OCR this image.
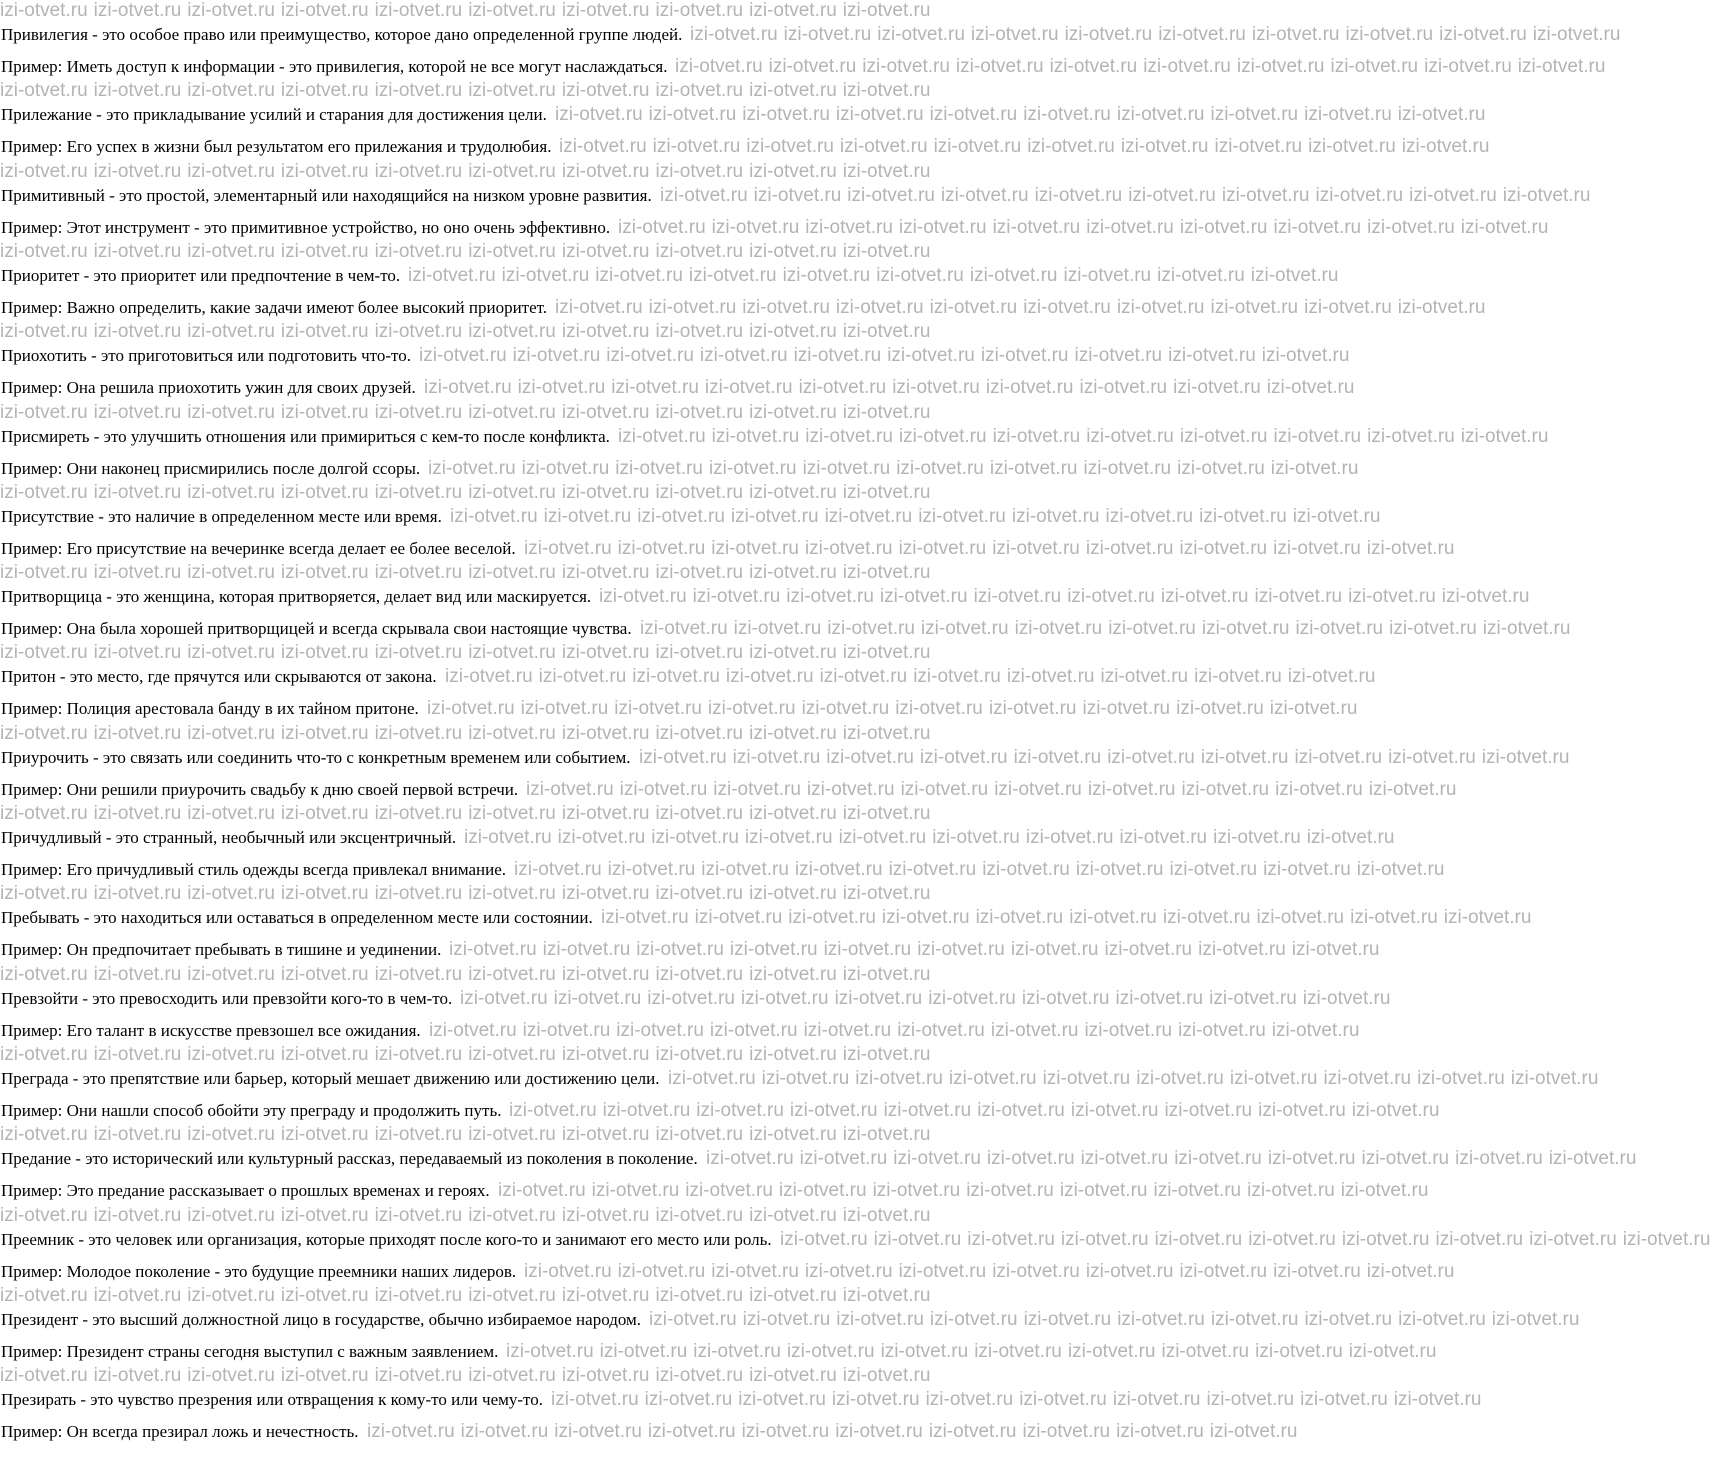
Привилегия - это особое право или преимущество, которое дано определенной группе людей.
Пример: Иметь доступ к информации - это привилегия, которой не все могут наслаждаться.
Прилежание - это прикладывание усилий и старания для достижения цели.
Пример: Его успех в жизни был результатом его прилежания и трудолюбия.
Примитивный - это простой, элементарный или находящийся на низком уровне развития.
Пример: Этот инструмент - это примитивное устройство, но оно очень эффективно.
Приоритет - это приоритет или предпочтение в чем-то.
Пример: Важно определить, какие задачи имеют более высокий приоритет.
Приохотить - это приготовиться или подготовить что-то.
Пример: Она решила приохотить ужин для своих друзей.
Присмиреть - это улучшить отношения или примириться с кем-то после конфликта.
Пример: Они наконец присмирились после долгой ссоры.
Присутствие - это наличие в определенном месте или время.
Пример: Его присутствие на вечеринке всегда делает ее более веселой.
Притворщица - это женщина, которая притворяется, делает вид или маскируется.
Пример: Она была хорошей притворщицей и всегда скрывала свои настоящие чувства.
Притон - это место, где прячутся или скрываются от закона.
Пример: Полиция арестовала банду в их тайном притоне.
Приурочить - это связать или соединить что-то с конкретным временем или событием.
Пример: Они решили приурочить свадьбу к дню своей первой встречи.
Причудливый - это странный, необычный или эксцентричный.
Пример: Его причудливый стиль одежды всегда привлекал внимание.
Пребывать - это находиться или оставаться в определенном месте или состоянии.
Пример: Он предпочитает пребывать в тишине и уединении.
Превзойти - это превосходить или превзойти кого-то в чем-то.
Пример: Его талант в искусстве превзошел все ожидания.
Преграда - это препятствие или барьер, который мешает движению или достижению цели.
Пример: Они нашли способ обойти эту преграду и продолжить путь.
Предание - это исторический или культурный рассказ, передаваемый из поколения в поколение.
Пример: Это предание рассказывает о прошлых временах и героях.
Преемник - это человек или организация, которые приходят после кого-то и занимают его место или роль.
Пример: Молодое поколение - это будущие преемники наших лидеров.
Президент - это высший должностной лицо в государстве, обычно избираемое народом.
Пример: Президент страны сегодня выступил с важным заявлением.
Презирать - это чувство презрения или отвращения к кому-то или чему-то.
Пример: Он всегда презирал ложь и нечестность.
izi-otvet.ru izi-otvet.ru izi-otvet.ru izi-otvet.ru izi-otvet.ru izi-otvet.ru izi-otvet.ru izi-otvet.ru izi-otvet.ru izi-otvet.ru
izi-otvet.ru izi-otvet.ru izi-otvet.ru izi-otvet.ru izi-otvet.ru izi-otvet.ru izi-otvet.ru izi-otvet.ru izi-otvet.ru izi-otvet.ru
izi-otvet.ru izi-otvet.ru izi-otvet.ru izi-otvet.ru izi-otvet.ru izi-otvet.ru izi-otvet.ru izi-otvet.ru izi-otvet.ru izi-otvet.ru
izi-otvet.ru izi-otvet.ru izi-otvet.ru izi-otvet.ru izi-otvet.ru izi-otvet.ru izi-otvet.ru izi-otvet.ru izi-otvet.ru izi-otvet.ru
izi-otvet.ru izi-otvet.ru izi-otvet.ru izi-otvet.ru izi-otvet.ru izi-otvet.ru izi-otvet.ru izi-otvet.ru izi-otvet.ru izi-otvet.ru
izi-otvet.ru izi-otvet.ru izi-otvet.ru izi-otvet.ru izi-otvet.ru izi-otvet.ru izi-otvet.ru izi-otvet.ru izi-otvet.ru izi-otvet.ru
izi-otvet.ru izi-otvet.ru izi-otvet.ru izi-otvet.ru izi-otvet.ru izi-otvet.ru izi-otvet.ru izi-otvet.ru izi-otvet.ru izi-otvet.ru
izi-otvet.ru izi-otvet.ru izi-otvet.ru izi-otvet.ru izi-otvet.ru izi-otvet.ru izi-otvet.ru izi-otvet.ru izi-otvet.ru izi-otvet.ru
izi-otvet.ru izi-otvet.ru izi-otvet.ru izi-otvet.ru izi-otvet.ru izi-otvet.ru izi-otvet.ru izi-otvet.ru izi-otvet.ru izi-otvet.ru
izi-otvet.ru izi-otvet.ru izi-otvet.ru izi-otvet.ru izi-otvet.ru izi-otvet.ru izi-otvet.ru izi-otvet.ru izi-otvet.ru izi-otvet.ru
izi-otvet.ru izi-otvet.ru izi-otvet.ru izi-otvet.ru izi-otvet.ru izi-otvet.ru izi-otvet.ru izi-otvet.ru izi-otvet.ru izi-otvet.ru
izi-otvet.ru izi-otvet.ru izi-otvet.ru izi-otvet.ru izi-otvet.ru izi-otvet.ru izi-otvet.ru izi-otvet.ru izi-otvet.ru izi-otvet.ru
izi-otvet.ru izi-otvet.ru izi-otvet.ru izi-otvet.ru izi-otvet.ru izi-otvet.ru izi-otvet.ru izi-otvet.ru izi-otvet.ru izi-otvet.ru
izi-otvet.ru izi-otvet.ru izi-otvet.ru izi-otvet.ru izi-otvet.ru izi-otvet.ru izi-otvet.ru izi-otvet.ru izi-otvet.ru izi-otvet.ru
izi-otvet.ru izi-otvet.ru izi-otvet.ru izi-otvet.ru izi-otvet.ru izi-otvet.ru izi-otvet.ru izi-otvet.ru izi-otvet.ru izi-otvet.ru
izi-otvet.ru izi-otvet.ru izi-otvet.ru izi-otvet.ru izi-otvet.ru izi-otvet.ru izi-otvet.ru izi-otvet.ru izi-otvet.ru izi-otvet.ru
izi-otvet.ru izi-otvet.ru izi-otvet.ru izi-otvet.ru izi-otvet.ru izi-otvet.ru izi-otvet.ru izi-otvet.ru izi-otvet.ru izi-otvet.ru
izi-otvet.ru izi-otvet.ru izi-otvet.ru izi-otvet.ru izi-otvet.ru izi-otvet.ru izi-otvet.ru izi-otvet.ru izi-otvet.ru izi-otvet.ru
izi-otvet.ru izi-otvet.ru izi-otvet.ru izi-otvet.ru izi-otvet.ru izi-otvet.ru izi-otvet.ru izi-otvet.ru izi-otvet.ru izi-otvet.ru
izi-otvet.ru izi-otvet.ru izi-otvet.ru izi-otvet.ru izi-otvet.ru izi-otvet.ru izi-otvet.ru izi-otvet.ru izi-otvet.ru izi-otvet.ru
izi-otvet.ru izi-otvet.ru izi-otvet.ru izi-otvet.ru izi-otvet.ru izi-otvet.ru izi-otvet.ru izi-otvet.ru izi-otvet.ru izi-otvet.ru
izi-otvet.ru izi-otvet.ru izi-otvet.ru izi-otvet.ru izi-otvet.ru izi-otvet.ru izi-otvet.ru izi-otvet.ru izi-otvet.ru izi-otvet.ru
izi-otvet.ru izi-otvet.ru izi-otvet.ru izi-otvet.ru izi-otvet.ru izi-otvet.ru izi-otvet.ru izi-otvet.ru izi-otvet.ru izi-otvet.ru
izi-otvet.ru izi-otvet.ru izi-otvet.ru izi-otvet.ru izi-otvet.ru izi-otvet.ru izi-otvet.ru izi-otvet.ru izi-otvet.ru izi-otvet.ru
izi-otvet.ru izi-otvet.ru izi-otvet.ru izi-otvet.ru izi-otvet.ru izi-otvet.ru izi-otvet.ru izi-otvet.ru izi-otvet.ru izi-otvet.ru
izi-otvet.ru izi-otvet.ru izi-otvet.ru izi-otvet.ru izi-otvet.ru izi-otvet.ru izi-otvet.ru izi-otvet.ru izi-otvet.ru izi-otvet.ru
izi-otvet.ru izi-otvet.ru izi-otvet.ru izi-otvet.ru izi-otvet.ru izi-otvet.ru izi-otvet.ru izi-otvet.ru izi-otvet.ru izi-otvet.ru
izi-otvet.ru izi-otvet.ru izi-otvet.ru izi-otvet.ru izi-otvet.ru izi-otvet.ru izi-otvet.ru izi-otvet.ru izi-otvet.ru izi-otvet.ru
izi-otvet.ru izi-otvet.ru izi-otvet.ru izi-otvet.ru izi-otvet.ru izi-otvet.ru izi-otvet.ru izi-otvet.ru izi-otvet.ru izi-otvet.ru
izi-otvet.ru izi-otvet.ru izi-otvet.ru izi-otvet.ru izi-otvet.ru izi-otvet.ru izi-otvet.ru izi-otvet.ru izi-otvet.ru izi-otvet.ru
izi-otvet.ru izi-otvet.ru izi-otvet.ru izi-otvet.ru izi-otvet.ru izi-otvet.ru izi-otvet.ru izi-otvet.ru izi-otvet.ru izi-otvet.ru
izi-otvet.ru izi-otvet.ru izi-otvet.ru izi-otvet.ru izi-otvet.ru izi-otvet.ru izi-otvet.ru izi-otvet.ru izi-otvet.ru izi-otvet.ru
izi-otvet.ru izi-otvet.ru izi-otvet.ru izi-otvet.ru izi-otvet.ru izi-otvet.ru izi-otvet.ru izi-otvet.ru izi-otvet.ru izi-otvet.ru
izi-otvet.ru izi-otvet.ru izi-otvet.ru izi-otvet.ru izi-otvet.ru izi-otvet.ru izi-otvet.ru izi-otvet.ru izi-otvet.ru izi-otvet.ru
izi-otvet.ru izi-otvet.ru izi-otvet.ru izi-otvet.ru izi-otvet.ru izi-otvet.ru izi-otvet.ru izi-otvet.ru izi-otvet.ru izi-otvet.ru
izi-otvet.ru izi-otvet.ru izi-otvet.ru izi-otvet.ru izi-otvet.ru izi-otvet.ru izi-otvet.ru izi-otvet.ru izi-otvet.ru izi-otvet.ru
izi-otvet.ru izi-otvet.ru izi-otvet.ru izi-otvet.ru izi-otvet.ru izi-otvet.ru izi-otvet.ru izi-otvet.ru izi-otvet.ru izi-otvet.ru
izi-otvet.ru izi-otvet.ru izi-otvet.ru izi-otvet.ru izi-otvet.ru izi-otvet.ru izi-otvet.ru izi-otvet.ru izi-otvet.ru izi-otvet.ru
izi-otvet.ru izi-otvet.ru izi-otvet.ru izi-otvet.ru izi-otvet.ru izi-otvet.ru izi-otvet.ru izi-otvet.ru izi-otvet.ru izi-otvet.ru
izi-otvet.ru izi-otvet.ru izi-otvet.ru izi-otvet.ru izi-otvet.ru izi-otvet.ru izi-otvet.ru izi-otvet.ru izi-otvet.ru izi-otvet.ru
izi-otvet.ru izi-otvet.ru izi-otvet.ru izi-otvet.ru izi-otvet.ru izi-otvet.ru izi-otvet.ru izi-otvet.ru izi-otvet.ru izi-otvet.ru
izi-otvet.ru izi-otvet.ru izi-otvet.ru izi-otvet.ru izi-otvet.ru izi-otvet.ru izi-otvet.ru izi-otvet.ru izi-otvet.ru izi-otvet.ru
izi-otvet.ru izi-otvet.ru izi-otvet.ru izi-otvet.ru izi-otvet.ru izi-otvet.ru izi-otvet.ru izi-otvet.ru izi-otvet.ru izi-otvet.ru
izi-otvet.ru izi-otvet.ru izi-otvet.ru izi-otvet.ru izi-otvet.ru izi-otvet.ru izi-otvet.ru izi-otvet.ru izi-otvet.ru izi-otvet.ru
izi-otvet.ru izi-otvet.ru izi-otvet.ru izi-otvet.ru izi-otvet.ru izi-otvet.ru izi-otvet.ru izi-otvet.ru izi-otvet.ru izi-otvet.ru
izi-otvet.ru izi-otvet.ru izi-otvet.ru izi-otvet.ru izi-otvet.ru izi-otvet.ru izi-otvet.ru izi-otvet.ru izi-otvet.ru izi-otvet.ru
izi-otvet.ru izi-otvet.ru izi-otvet.ru izi-otvet.ru izi-otvet.ru izi-otvet.ru izi-otvet.ru izi-otvet.ru izi-otvet.ru izi-otvet.ru
izi-otvet.ru izi-otvet.ru izi-otvet.ru izi-otvet.ru izi-otvet.ru izi-otvet.ru izi-otvet.ru izi-otvet.ru izi-otvet.ru izi-otvet.ru
izi-otvet.ru izi-otvet.ru izi-otvet.ru izi-otvet.ru izi-otvet.ru izi-otvet.ru izi-otvet.ru izi-otvet.ru izi-otvet.ru izi-otvet.ru
izi-otvet.ru izi-otvet.ru izi-otvet.ru izi-otvet.ru izi-otvet.ru izi-otvet.ru izi-otvet.ru izi-otvet.ru izi-otvet.ru izi-otvet.ru
izi-otvet.ru izi-otvet.ru izi-otvet.ru izi-otvet.ru izi-otvet.ru izi-otvet.ru izi-otvet.ru izi-otvet.ru izi-otvet.ru izi-otvet.ru
izi-otvet.ru izi-otvet.ru izi-otvet.ru izi-otvet.ru izi-otvet.ru izi-otvet.ru izi-otvet.ru izi-otvet.ru izi-otvet.ru izi-otvet.ru
izi-otvet.ru izi-otvet.ru izi-otvet.ru izi-otvet.ru izi-otvet.ru izi-otvet.ru izi-otvet.ru izi-otvet.ru izi-otvet.ru izi-otvet.ru
izi-otvet.ru izi-otvet.ru izi-otvet.ru izi-otvet.ru izi-otvet.ru izi-otvet.ru izi-otvet.ru izi-otvet.ru izi-otvet.ru izi-otvet.ru
